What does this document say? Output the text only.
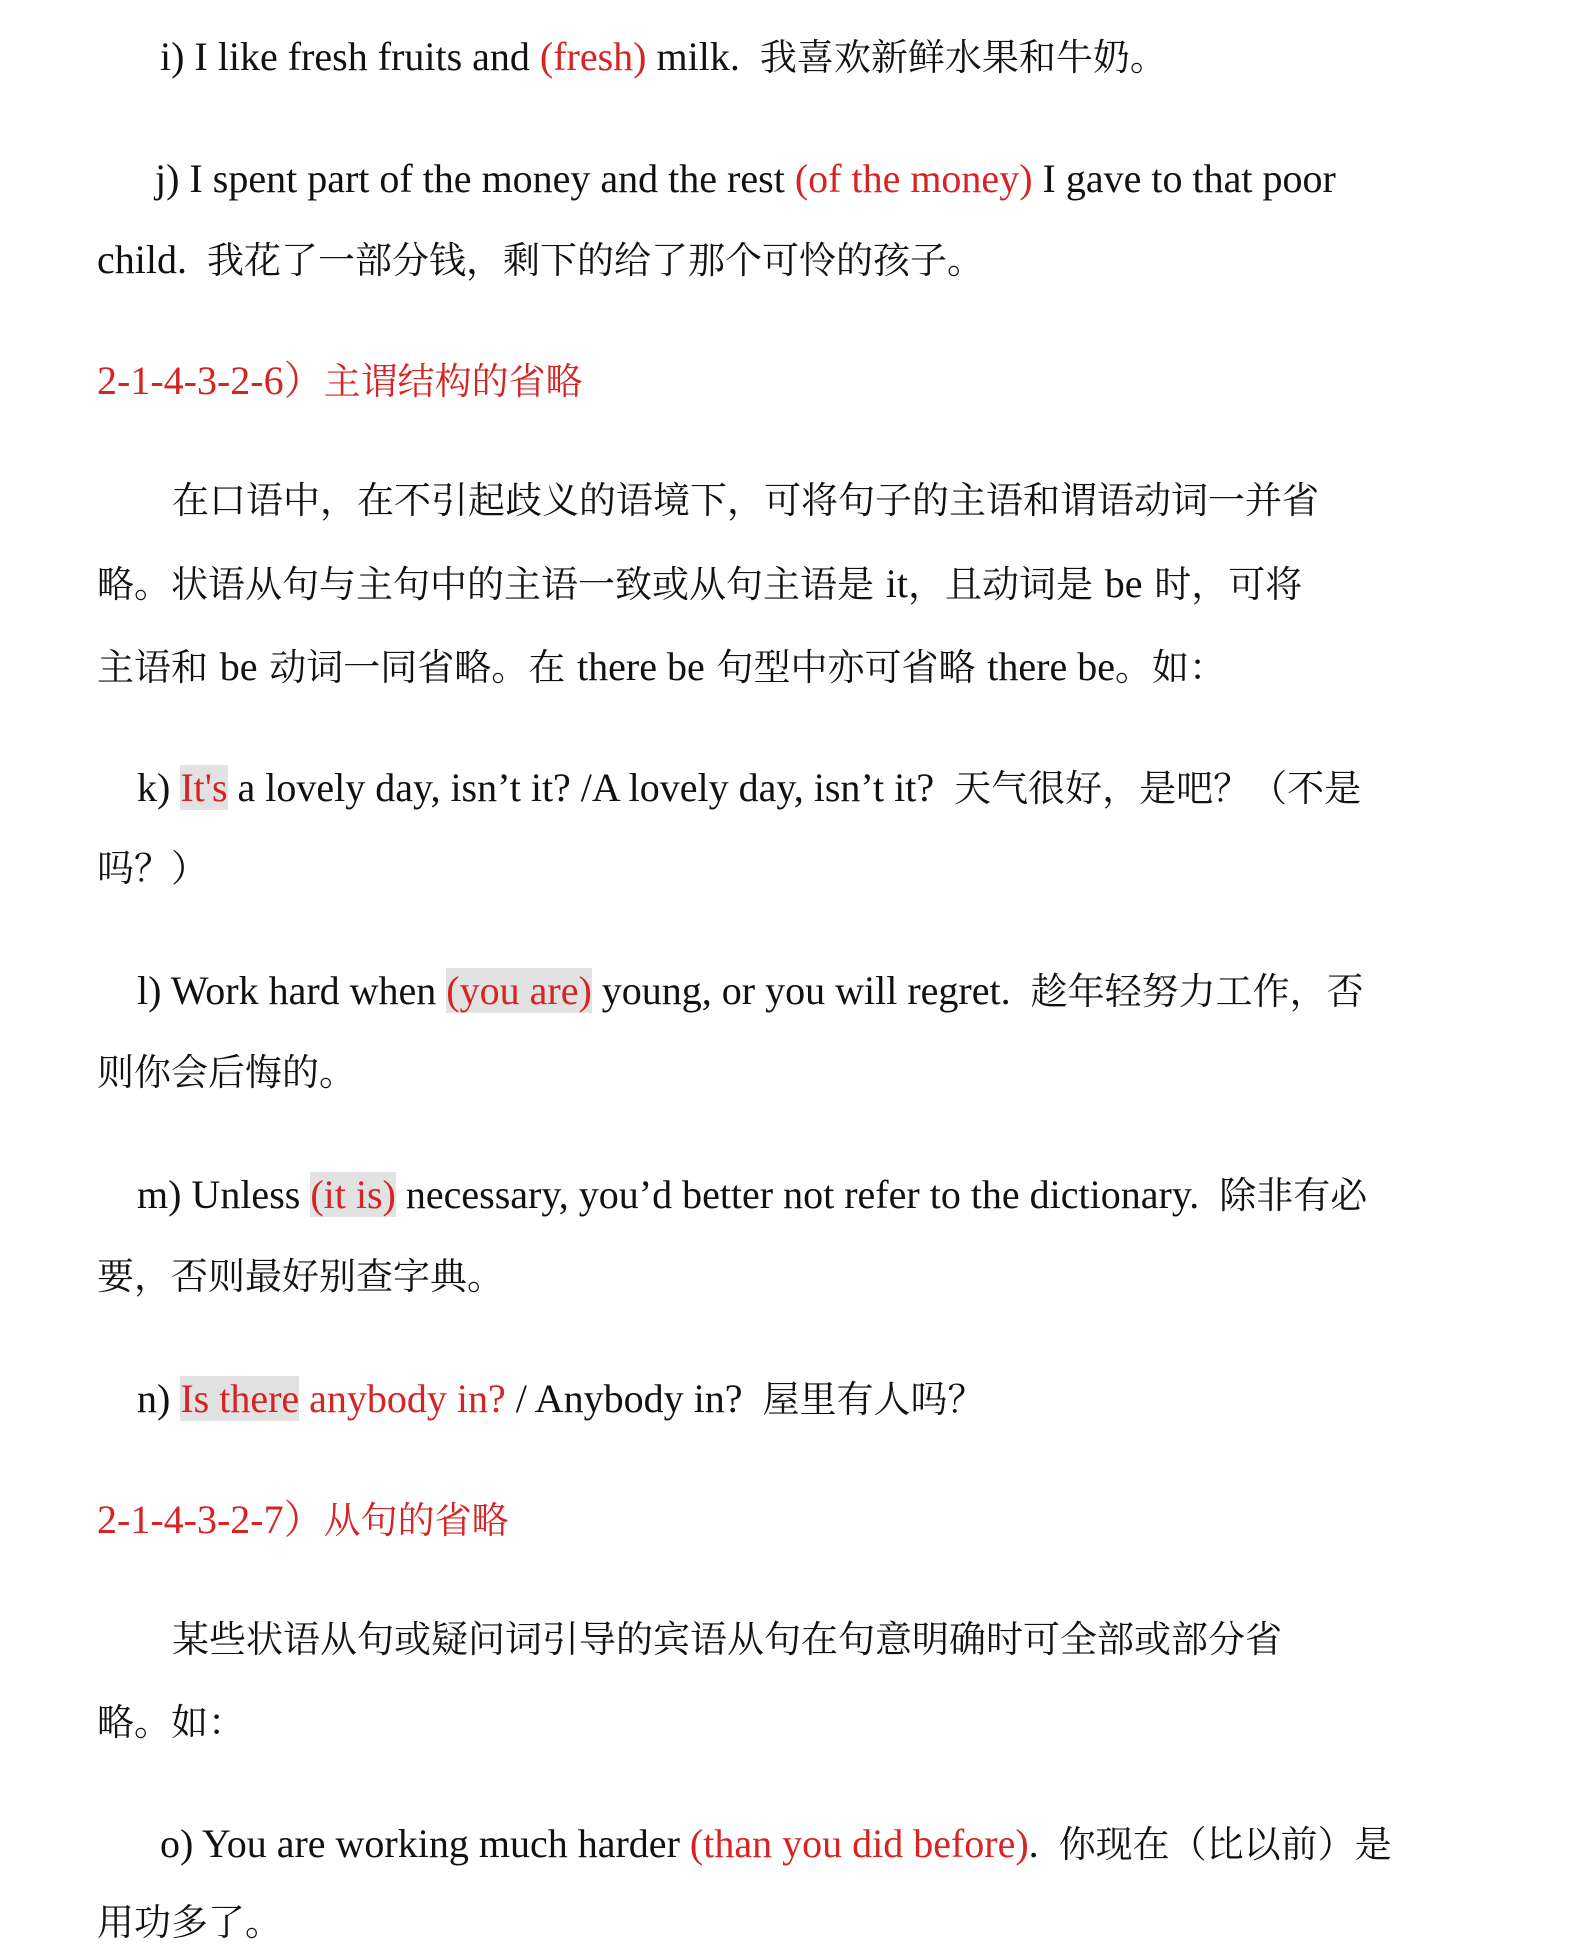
i) I like fresh fruits and (fresh) milk. 我喜欢新鲜水果和牛奶。
j) I spent part of the money and the rest (of the money) I gave to that poor
child. 我花了一部分钱，剩下的给了那个可怜的孩子。
2-1-4-3-2-6）主谓结构的省略
在口语中，在不引起歧义的语境下，可将句子的主语和谓语动词一并省
略。状语从句与主句中的主语一致或从句主语是 it，且动词是 be 时，可将
主语和 be 动词一同省略。在 there be 句型中亦可省略 there be。如：
k) It's a lovely day, isn’t it? /A lovely day, isn’t it? 天气很好，是吧？（不是
吗？）
l) Work hard when (you are) young, or you will regret. 趁年轻努力工作，否
则你会后悔的。
m) Unless (it is) necessary, you’d better not refer to the dictionary. 除非有必
要，否则最好别查字典。
n) Is there anybody in? / Anybody in? 屋里有人吗？
2-1-4-3-2-7）从句的省略
某些状语从句或疑问词引导的宾语从句在句意明确时可全部或部分省
略。如：
o) You are working much harder (than you did before). 你现在（比以前）是
用功多了。
